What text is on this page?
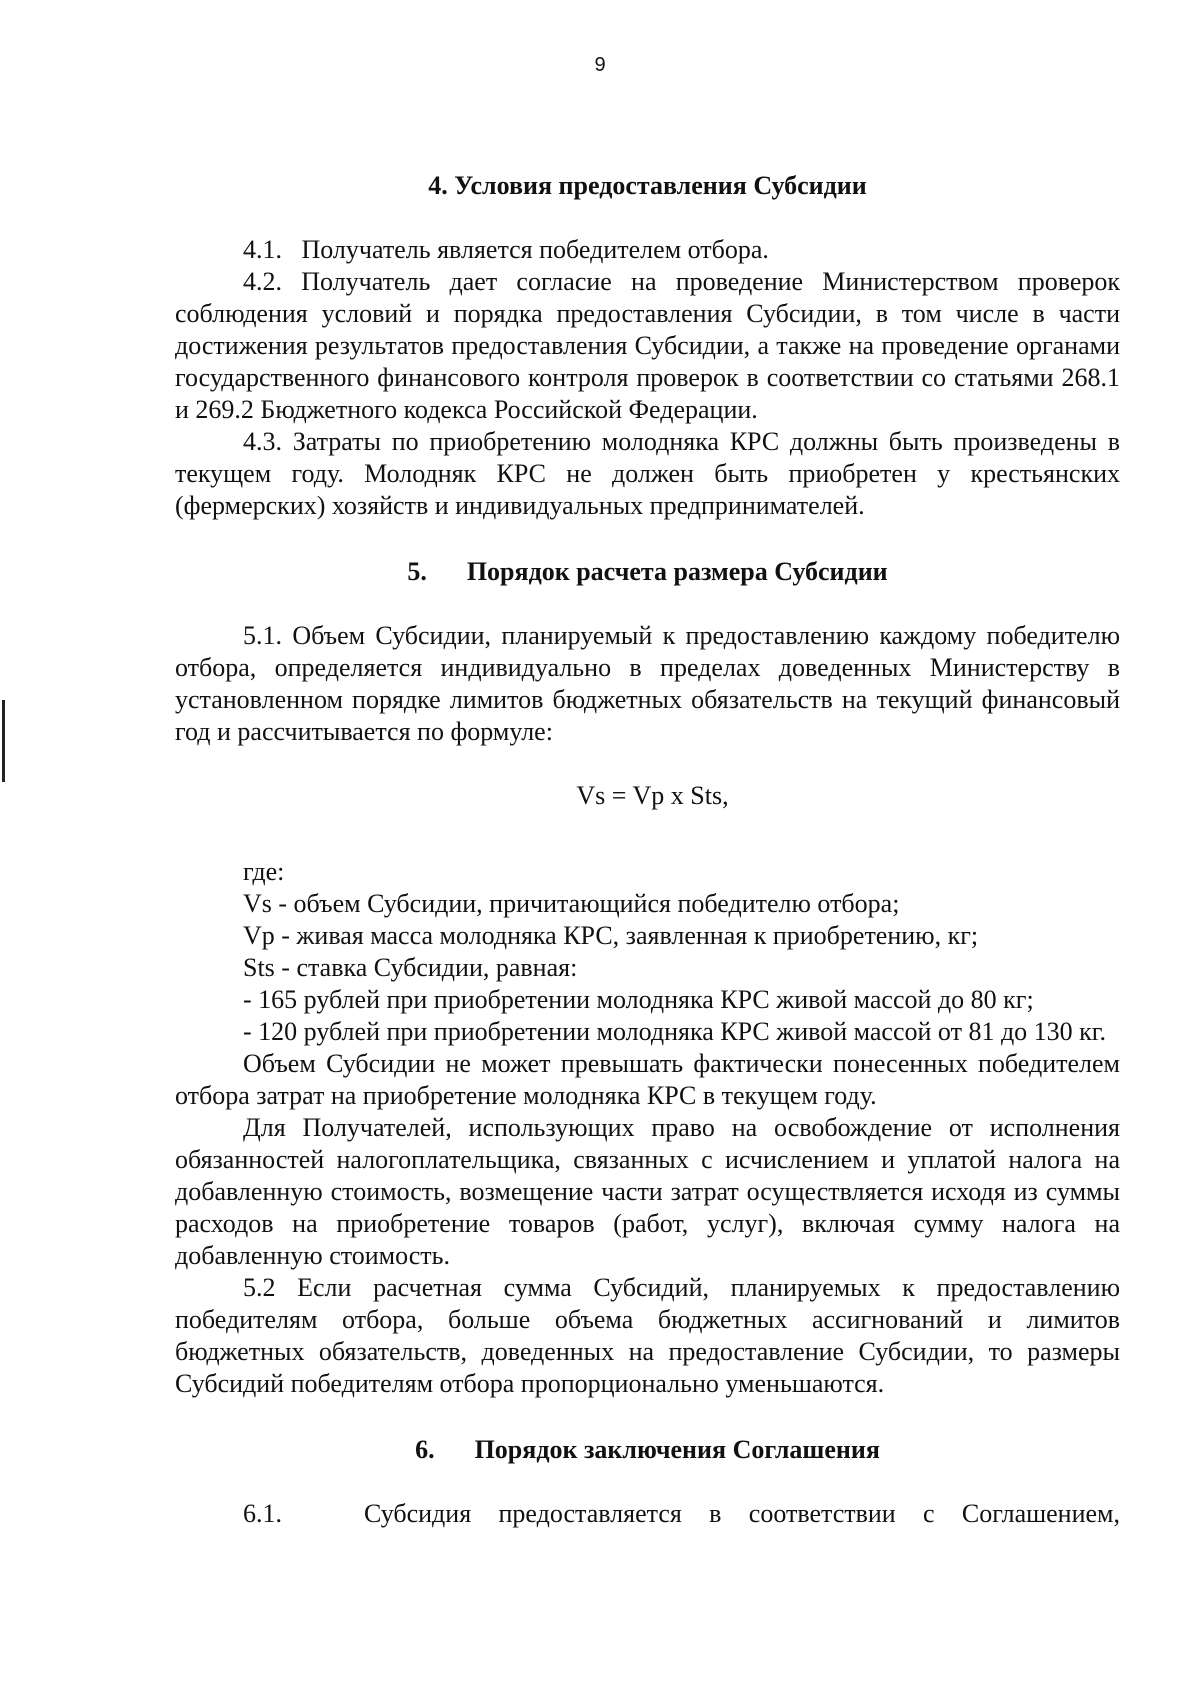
9
4. Условия предоставления Субсидии

4.1.   Получатель является победителем отбора.

4.2. Получатель дает согласие на проведение Министерством проверок соблюдения условий и порядка предоставления Субсидии, в том числе в части достижения результатов предоставления Субсидии, а также на проведение органами государственного финансового контроля проверок в соответствии со статьями 268.1 и 269.2 Бюджетного кодекса Российской Федерации.

4.3. Затраты по приобретению молодняка КРС должны быть произведены в текущем году. Молодняк КРС не должен быть приобретен у крестьянских (фермерских) хозяйств и индивидуальных предпринимателей.

5. Порядок расчета размера Субсидии

5.1. Объем Субсидии, планируемый к предоставлению каждому победителю отбора, определяется индивидуально в пределах доведенных Министерству в установленном порядке лимитов бюджетных обязательств на текущий финансовый год и рассчитывается по формуле:

Vs = Vp x Sts,

где:

Vs - объем Субсидии, причитающийся победителю отбора;

Vp - живая масса молодняка КРС, заявленная к приобретению, кг;

Sts - ставка Субсидии, равная:

- 165 рублей при приобретении молодняка КРС живой массой до 80 кг;

- 120 рублей при приобретении молодняка КРС живой массой от 81 до 130 кг.

Объем Субсидии не может превышать фактически понесенных победителем отбора затрат на приобретение молодняка КРС в текущем году.

Для Получателей, использующих право на освобождение от исполнения обязанностей налогоплательщика, связанных с исчислением и уплатой налога на добавленную стоимость, возмещение части затрат осуществляется исходя из суммы расходов на приобретение товаров (работ, услуг), включая сумму налога на добавленную стоимость.

5.2 Если расчетная сумма Субсидий, планируемых к предоставлению победителям отбора, больше объема бюджетных ассигнований и лимитов бюджетных обязательств, доведенных на предоставление Субсидии, то размеры Субсидий победителям отбора пропорционально уменьшаются.

6. Порядок заключения Соглашения

6.1.   Субсидия предоставляется в соответствии с Соглашением,
